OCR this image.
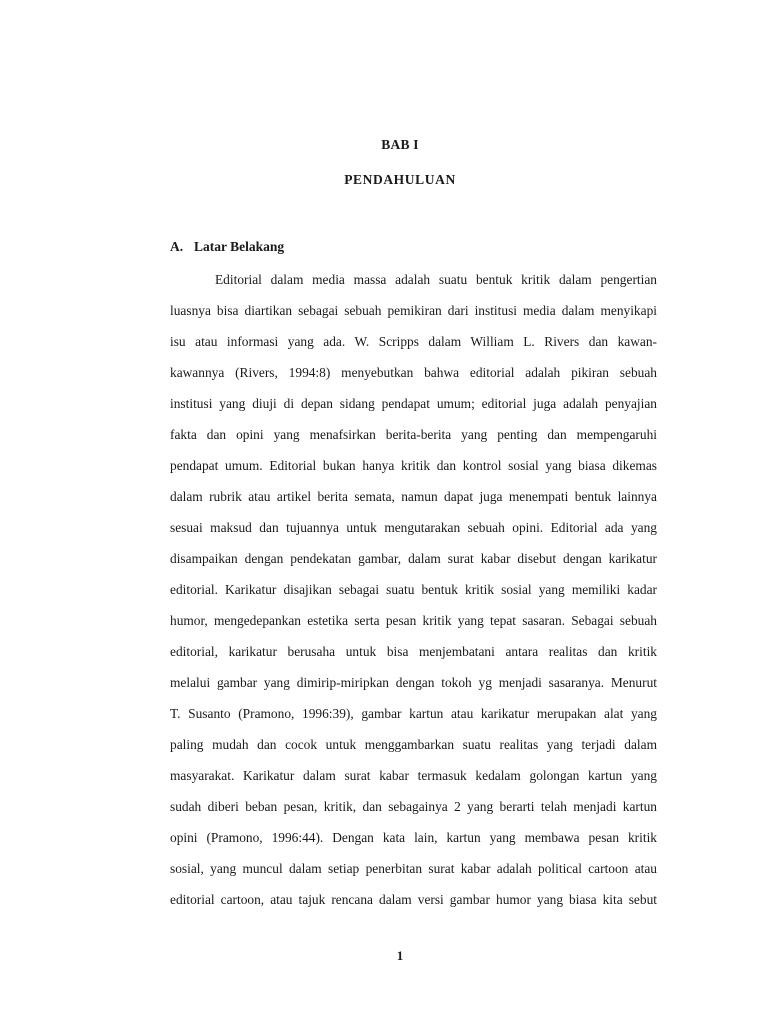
BAB I
PENDAHULUAN
A. Latar Belakang
Editorial dalam media massa adalah suatu bentuk kritik dalam pengertian
luasnya bisa diartikan sebagai sebuah pemikiran dari institusi media dalam menyikapi
isu atau informasi yang ada. W. Scripps dalam William L. Rivers dan kawan-
kawannya (Rivers, 1994:8) menyebutkan bahwa editorial adalah pikiran sebuah
institusi yang diuji di depan sidang pendapat umum; editorial juga adalah penyajian
fakta dan opini yang menafsirkan berita-berita yang penting dan mempengaruhi
pendapat umum. Editorial bukan hanya kritik dan kontrol sosial yang biasa dikemas
dalam rubrik atau artikel berita semata, namun dapat juga menempati bentuk lainnya
sesuai maksud dan tujuannya untuk mengutarakan sebuah opini. Editorial ada yang
disampaikan dengan pendekatan gambar, dalam surat kabar disebut dengan karikatur
editorial. Karikatur disajikan sebagai suatu bentuk kritik sosial yang memiliki kadar
humor, mengedepankan estetika serta pesan kritik yang tepat sasaran. Sebagai sebuah
editorial, karikatur berusaha untuk bisa menjembatani antara realitas dan kritik
melalui gambar yang dimirip-miripkan dengan tokoh yg menjadi sasaranya. Menurut
T. Susanto (Pramono, 1996:39), gambar kartun atau karikatur merupakan alat yang
paling mudah dan cocok untuk menggambarkan suatu realitas yang terjadi dalam
masyarakat. Karikatur dalam surat kabar termasuk kedalam golongan kartun yang
sudah diberi beban pesan, kritik, dan sebagainya 2 yang berarti telah menjadi kartun
opini (Pramono, 1996:44). Dengan kata lain, kartun yang membawa pesan kritik
sosial, yang muncul dalam setiap penerbitan surat kabar adalah political cartoon atau
editorial cartoon, atau tajuk rencana dalam versi gambar humor yang biasa kita sebut
1
